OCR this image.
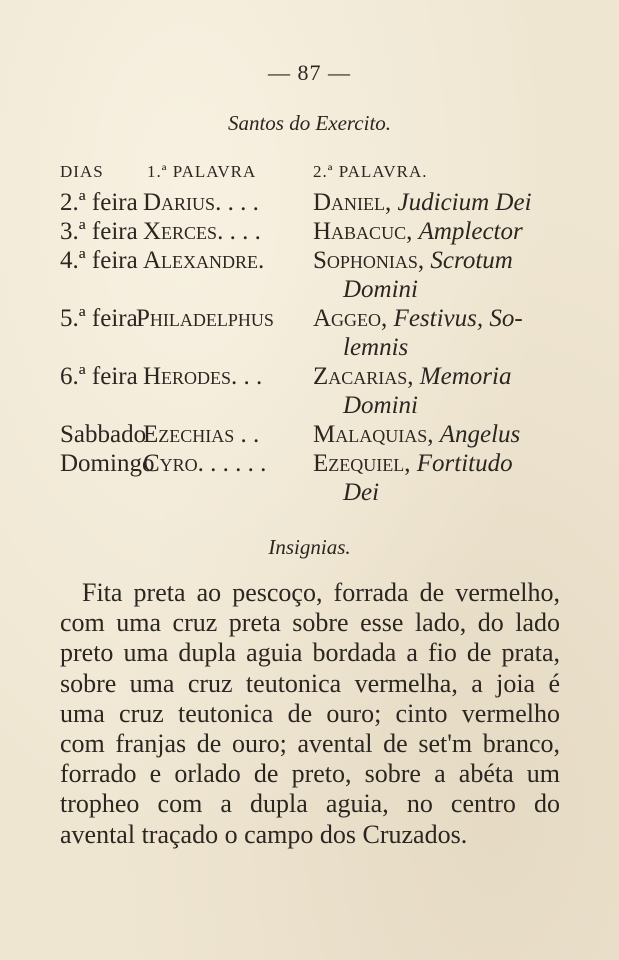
— 87 —
Santos do Exercito.
DIAS	1.ª PALAVRA	2.ª PALAVRA.
2.ª feira Darius. . . . Daniel, Judicium Dei
3.ª feira Xerces. . . . Habacuc, Amplector
4.ª feira Alexandre. Sophonias, Scrotum
Domini
5.ª feira
Philadelphus Aggeo, Festivus, So-
lemnis
6.ª feira Herodes. . . Zacarias, Memoria
Domini
Sabbado
Ezechias . . Malaquias, Angelus
Domingo
Cyro. . . . . . Ezequiel, Fortitudo
Dei
Insignias.
Fita preta ao pescoço, forrada de vermelho, com uma cruz preta sobre esse lado, do lado preto uma dupla aguia bordada a fio de prata, sobre uma cruz teutonica vermelha, a joia é uma cruz teutonica de ouro; cinto vermelho com franjas de ouro; avental de set'm branco, forrado e orlado de preto, sobre a abéta um tropheo com a dupla aguia, no centro do avental traçado o campo dos Cruzados.
